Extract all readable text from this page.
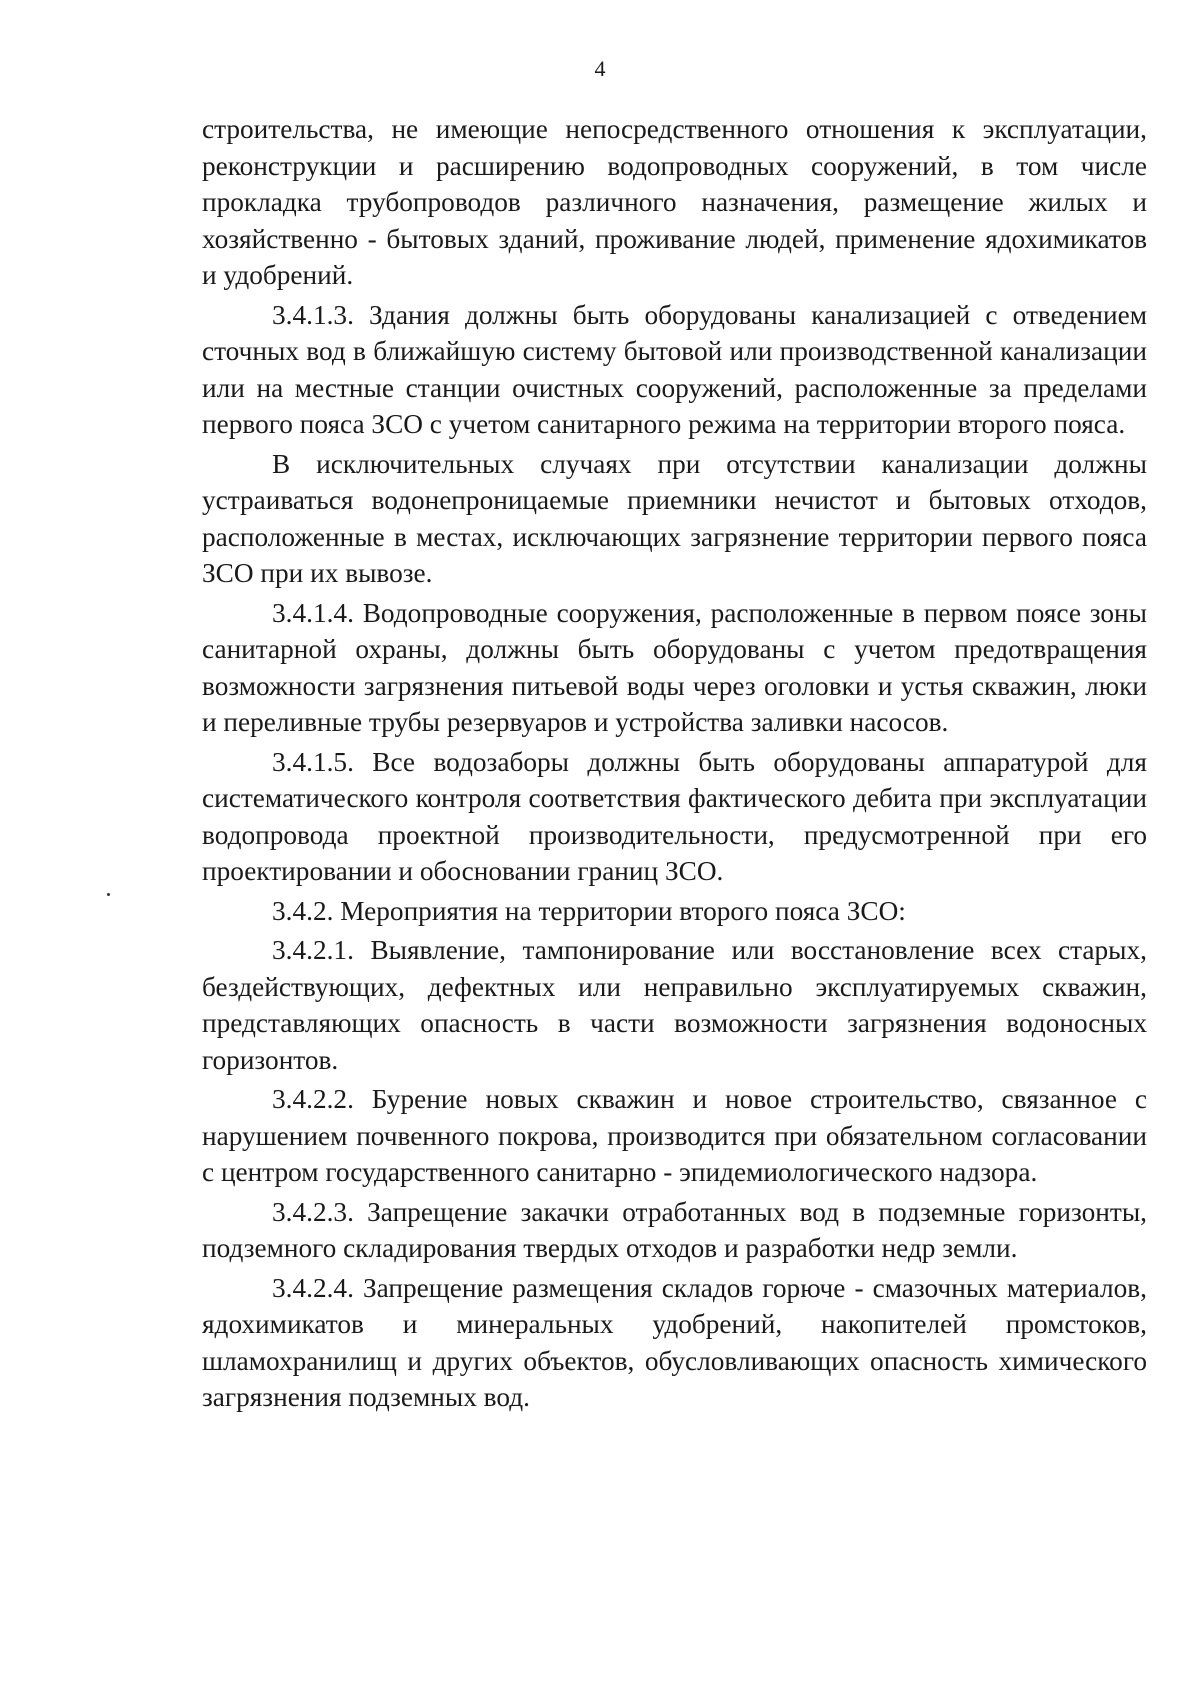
4

строительства, не имеющие непосредственного отношения к эксплуатации, реконструкции и расширению водопроводных сооружений, в том числе прокладка трубопроводов различного назначения, размещение жилых и хозяйственно - бытовых зданий, проживание людей, применение ядохимикатов и удобрений.

3.4.1.3. Здания должны быть оборудованы канализацией с отведением сточных вод в ближайшую систему бытовой или производственной канализации или на местные станции очистных сооружений, расположенные за пределами первого пояса ЗСО с учетом санитарного режима на территории второго пояса.

В исключительных случаях при отсутствии канализации должны устраиваться водонепроницаемые приемники нечистот и бытовых отходов, расположенные в местах, исключающих загрязнение территории первого пояса ЗСО при их вывозе.

3.4.1.4. Водопроводные сооружения, расположенные в первом поясе зоны санитарной охраны, должны быть оборудованы с учетом предотвращения возможности загрязнения питьевой воды через оголовки и устья скважин, люки и переливные трубы резервуаров и устройства заливки насосов.

3.4.1.5. Все водозаборы должны быть оборудованы аппаратурой для систематического контроля соответствия фактического дебита при эксплуатации водопровода проектной производительности, предусмотренной при его проектировании и обосновании границ ЗСО.

3.4.2. Мероприятия на территории второго пояса ЗСО:

3.4.2.1. Выявление, тампонирование или восстановление всех старых, бездействующих, дефектных или неправильно эксплуатируемых скважин, представляющих опасность в части возможности загрязнения водоносных горизонтов.

3.4.2.2. Бурение новых скважин и новое строительство, связанное с нарушением почвенного покрова, производится при обязательном согласовании с центром государственного санитарно - эпидемиологического надзора.

3.4.2.3. Запрещение закачки отработанных вод в подземные горизонты, подземного складирования твердых отходов и разработки недр земли.

3.4.2.4. Запрещение размещения складов горюче - смазочных материалов, ядохимикатов и минеральных удобрений, накопителей промстоков, шламохранилищ и других объектов, обусловливающих опасность химического загрязнения подземных вод.
